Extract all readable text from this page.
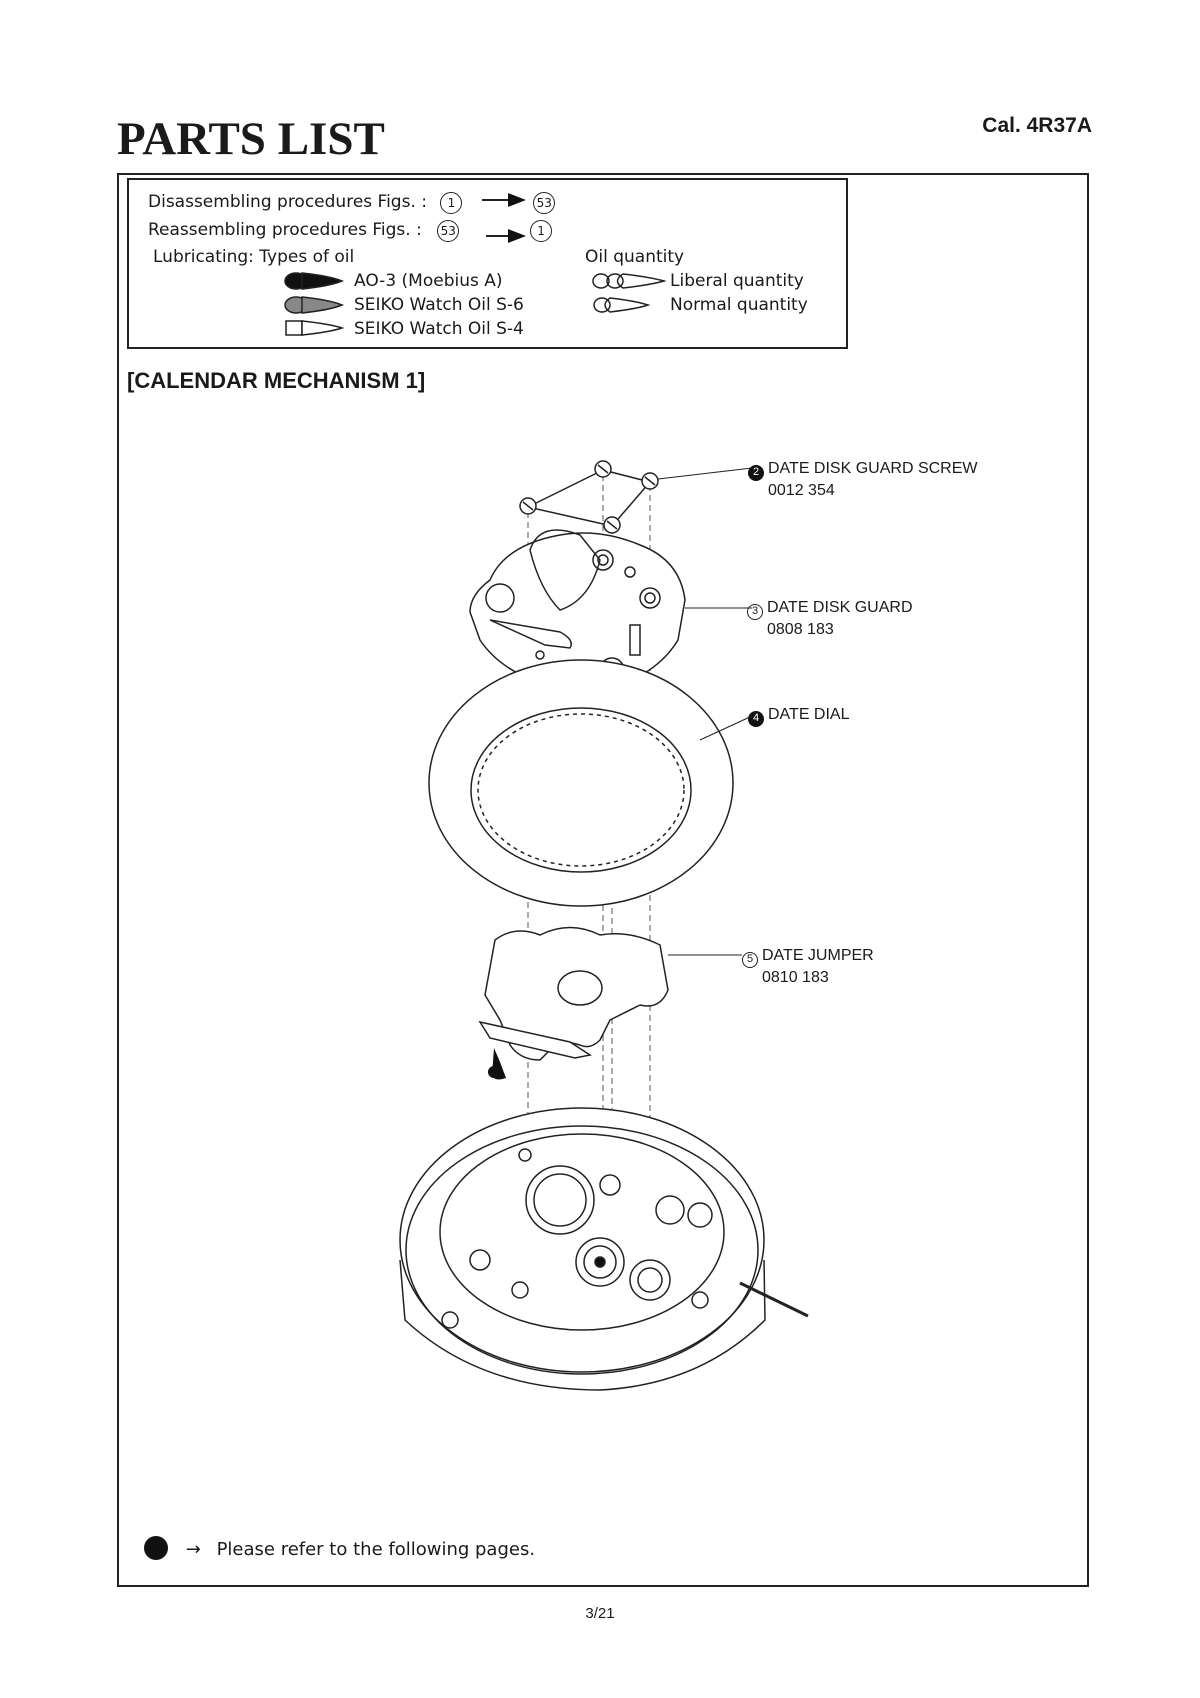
PARTS LIST	Cal. 4R37A
Disassembling procedures Figs. : 1	53
Reassembling procedures Figs. : 53	1
Lubricating: Types of oil
AO-3 (Moebius A)
SEIKO Watch Oil S-6
SEIKO Watch Oil S-4
Oil quantity
Liberal quantity
Normal quantity
[CALENDAR MECHANISM 1]
2 DATE DISK GUARD SCREW
0012 354
3 DATE DISK GUARD
0808 183
4 DATE DIAL
5 DATE JUMPER
0810 183
→ Please refer to the following pages.
3/21
